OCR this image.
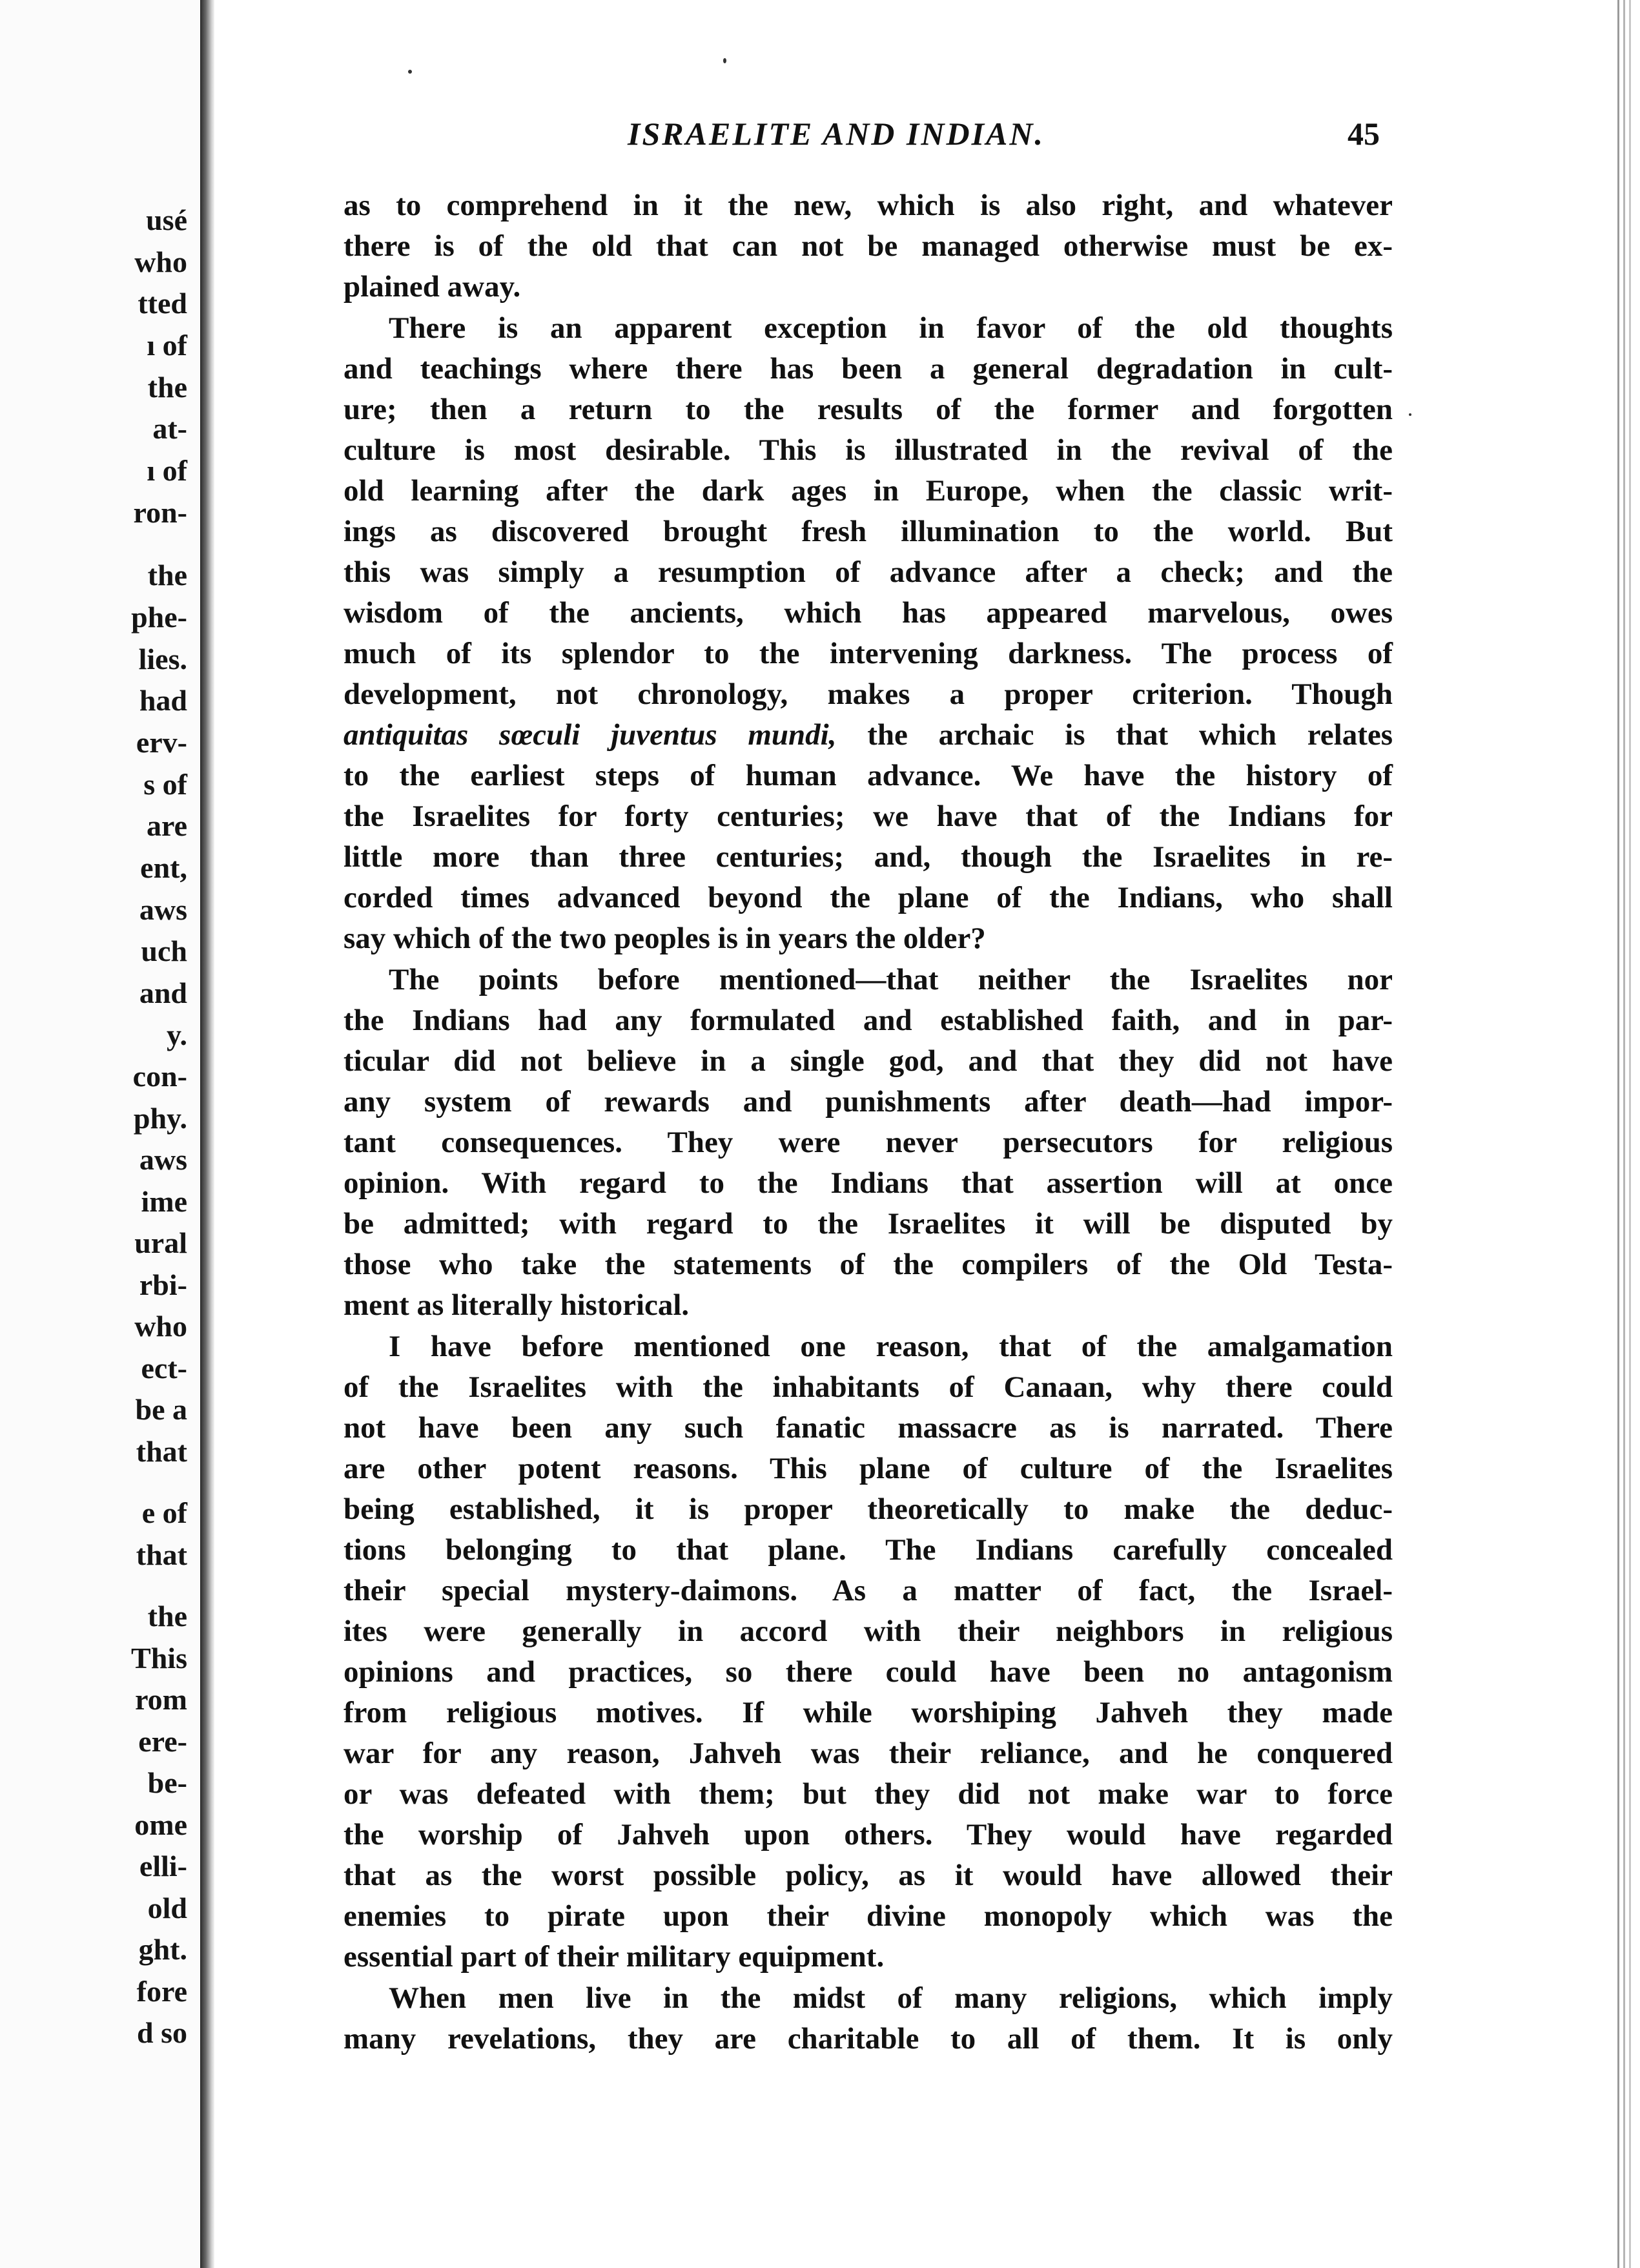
usé
who
tted
ı of
the
at-
ı of
ron-
the
phe-
lies.
had
erv-
s of
are
ent,
aws
uch
and
y.
con-
phy.
aws
ime
ural
rbi-
who
ect-
be a
that
e of
that
the
This
rom
ere-
be-
ome
elli-
old
ght.
fore
d so
ISRAELITE AND INDIAN.	45
as to comprehend in it the new, which is also right, and whatever
there is of the old that can not be managed otherwise must be ex-
plained away.
There is an apparent exception in favor of the old thoughts
and teachings where there has been a general degradation in cult-
ure; then a return to the results of the former and forgotten
culture is most desirable. This is illustrated in the revival of the
old learning after the dark ages in Europe, when the classic writ-
ings as discovered brought fresh illumination to the world. But
this was simply a resumption of advance after a check; and the
wisdom of the ancients, which has appeared marvelous, owes
much of its splendor to the intervening darkness. The process of
development, not chronology, makes a proper criterion. Though
antiquitas sœculi juventus mundi, the archaic is that which relates
to the earliest steps of human advance. We have the history of
the Israelites for forty centuries; we have that of the Indians for
little more than three centuries; and, though the Israelites in re-
corded times advanced beyond the plane of the Indians, who shall
say which of the two peoples is in years the older?
The points before mentioned—that neither the Israelites nor
the Indians had any formulated and established faith, and in par-
ticular did not believe in a single god, and that they did not have
any system of rewards and punishments after death—had impor-
tant consequences. They were never persecutors for religious
opinion. With regard to the Indians that assertion will at once
be admitted; with regard to the Israelites it will be disputed by
those who take the statements of the compilers of the Old Testa-
ment as literally historical.
I have before mentioned one reason, that of the amalgamation
of the Israelites with the inhabitants of Canaan, why there could
not have been any such fanatic massacre as is narrated. There
are other potent reasons. This plane of culture of the Israelites
being established, it is proper theoretically to make the deduc-
tions belonging to that plane. The Indians carefully concealed
their special mystery-daimons. As a matter of fact, the Israel-
ites were generally in accord with their neighbors in religious
opinions and practices, so there could have been no antagonism
from religious motives. If while worshiping Jahveh they made
war for any reason, Jahveh was their reliance, and he conquered
or was defeated with them; but they did not make war to force
the worship of Jahveh upon others. They would have regarded
that as the worst possible policy, as it would have allowed their
enemies to pirate upon their divine monopoly which was the
essential part of their military equipment.
When men live in the midst of many religions, which imply
many revelations, they are charitable to all of them. It is only
